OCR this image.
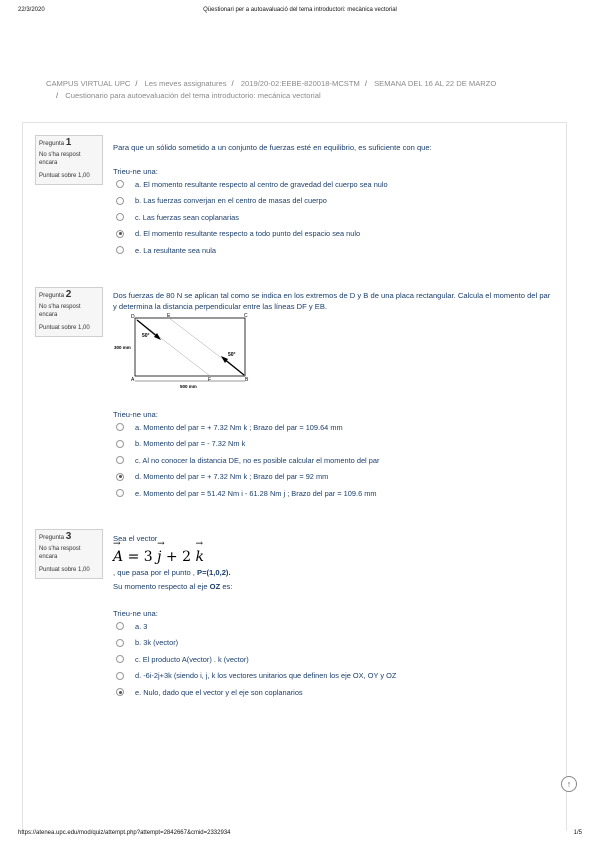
22/3/2020	Qüestionari per a autoavaluació del tema introductori: mecànica vectorial
CAMPUS VIRTUAL UPC / Les meves assignatures / 2019/20-02:EEBE-820018-MCSTM / SEMANA DEL 16 AL 22 DE MARZO
/ Cuestionario para autoevaluación del tema introductorio: mecánica vectorial
Pregunta 1
No s'ha respost encara
Puntuat sobre 1,00
Para que un sólido sometido a un conjunto de fuerzas esté en equilibrio, es suficiente con que:
Trieu-ne una:
a. El momento resultante respecto al centro de gravedad del cuerpo sea nulo
b. Las fuerzas converjan en el centro de masas del cuerpo
c. Las fuerzas sean coplanarias
d. El momento resultante respecto a todo punto del espacio sea nulo
e. La resultante sea nula
Pregunta 2
No s'ha respost encara
Puntuat sobre 1,00
Dos fuerzas de 80 N se aplican tal como se indica en los extremos de D y B de una placa rectangular. Calcula el momento del par y determina la distancia perpendicular entre las líneas DF y EB.
D	E	C
A	F	B
50°
50°
300 mm
500 mm
Trieu-ne una:
a. Momento del par = + 7.32 Nm k ; Brazo del par = 109.64 mm
b. Momento del par = - 7.32 Nm k
c. Al no conocer la distancia DE, no es posible calcular el momento del par
d. Momento del par = + 7.32 Nm k ; Brazo del par = 92 mm
e. Momento del par = 51.42 Nm i - 61.28 Nm j ; Brazo del par = 109.6 mm
Pregunta 3
No s'ha respost encara
Puntuat sobre 1,00
Sea el vector
→ A = 3 → j + 2 → k
, que pasa por el punto , P=(1,0,2).
Su momento respecto al eje OZ es:
Trieu-ne una:
a. 3
b. 3k (vector)
c. El producto A(vector) . k (vector)
d. -6i-2j+3k (siendo i, j, k los vectores unitarios que definen los eje OX, OY y OZ
e. Nulo, dado que el vector y el eje son coplanarios
↑
https://atenea.upc.edu/mod/quiz/attempt.php?attempt=2842667&cmid=2332934	1/5
